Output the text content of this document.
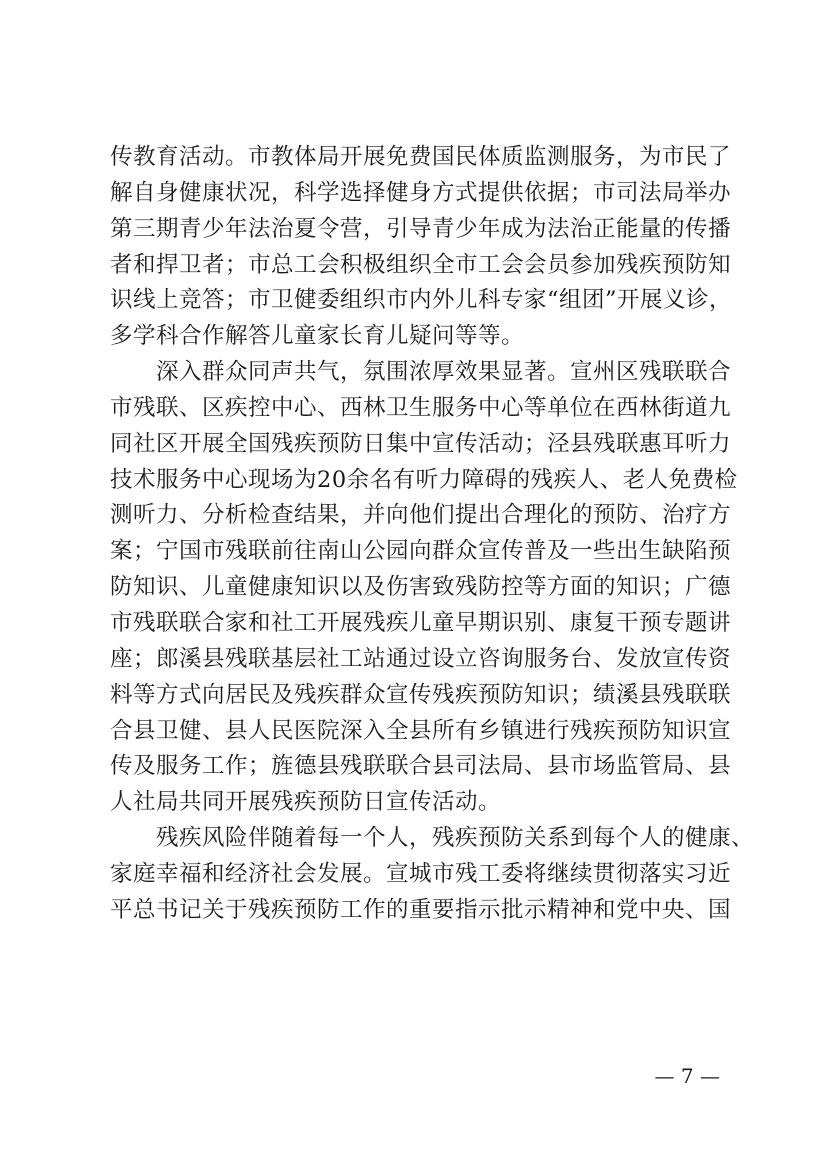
传教育活动。市教体局开展免费国民体质监测服务，为市民了
解自身健康状况，科学选择健身方式提供依据；市司法局举办
第三期青少年法治夏令营，引导青少年成为法治正能量的传播
者和捍卫者；市总工会积极组织全市工会会员参加残疾预防知
识线上竞答；市卫健委组织市内外儿科专家“组团”开展义诊，
多学科合作解答儿童家长育儿疑问等等。
　　深入群众同声共气，氛围浓厚效果显著。宣州区残联联合
市残联、区疾控中心、西林卫生服务中心等单位在西林街道九
同社区开展全国残疾预防日集中宣传活动；泾县残联惠耳听力
技术服务中心现场为20余名有听力障碍的残疾人、老人免费检
测听力、分析检查结果，并向他们提出合理化的预防、治疗方
案；宁国市残联前往南山公园向群众宣传普及一些出生缺陷预
防知识、儿童健康知识以及伤害致残防控等方面的知识；广德
市残联联合家和社工开展残疾儿童早期识别、康复干预专题讲
座；郎溪县残联基层社工站通过设立咨询服务台、发放宣传资
料等方式向居民及残疾群众宣传残疾预防知识；绩溪县残联联
合县卫健、县人民医院深入全县所有乡镇进行残疾预防知识宣
传及服务工作；旌德县残联联合县司法局、县市场监管局、县
人社局共同开展残疾预防日宣传活动。
　　残疾风险伴随着每一个人，残疾预防关系到每个人的健康、
家庭幸福和经济社会发展。宣城市残工委将继续贯彻落实习近
平总书记关于残疾预防工作的重要指示批示精神和党中央、国
— 7 —
